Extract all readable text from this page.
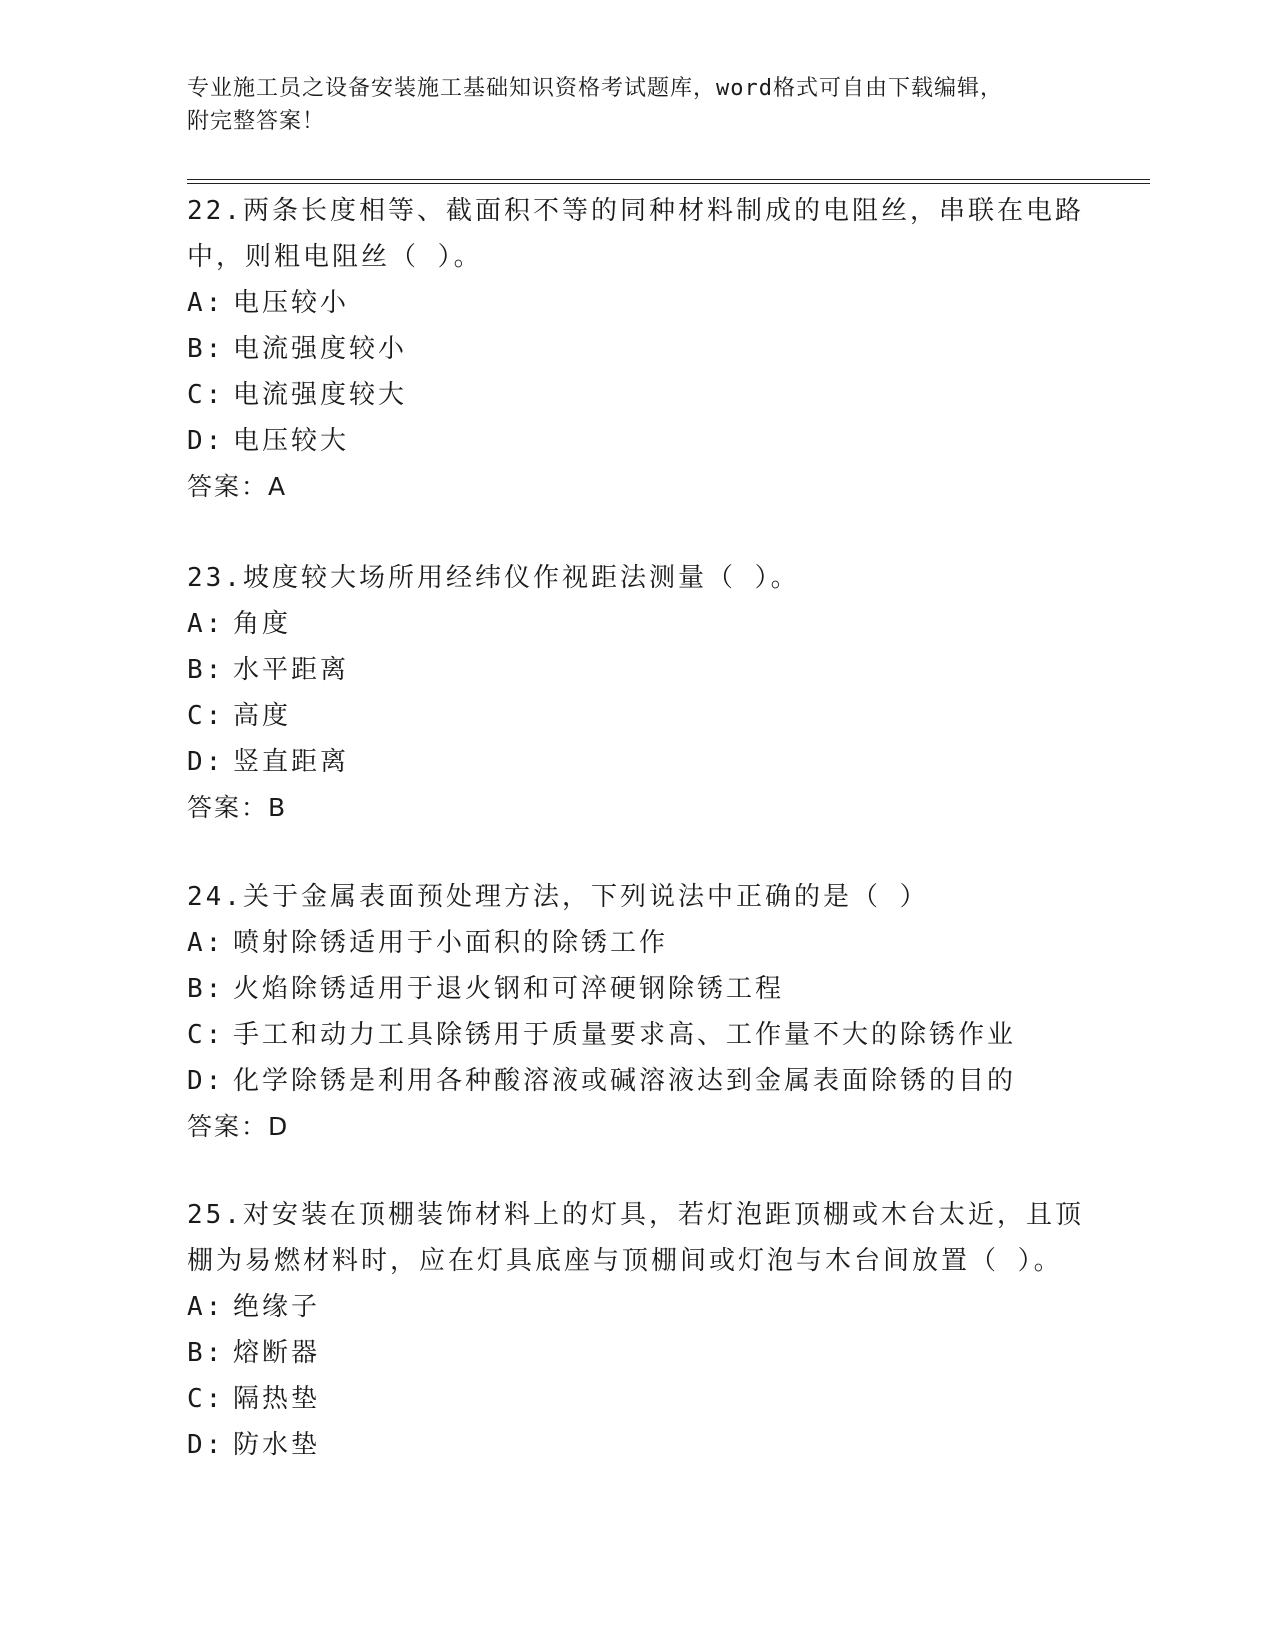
专业施工员之设备安装施工基础知识资格考试题库，word格式可自由下载编辑，
附完整答案！

22.两条长度相等、截面积不等的同种材料制成的电阻丝，串联在电路

中，则粗电阻丝（ ）。

A: 电压较小

B: 电流强度较小

C: 电流强度较大

D: 电压较大

答案：A

23.坡度较大场所用经纬仪作视距法测量（ ）。

A: 角度

B: 水平距离

C: 高度

D: 竖直距离

答案：B

24.关于金属表面预处理方法，下列说法中正确的是（ ）

A: 喷射除锈适用于小面积的除锈工作

B: 火焰除锈适用于退火钢和可淬硬钢除锈工程

C: 手工和动力工具除锈用于质量要求高、工作量不大的除锈作业

D: 化学除锈是利用各种酸溶液或碱溶液达到金属表面除锈的目的

答案：D

25.对安装在顶棚装饰材料上的灯具，若灯泡距顶棚或木台太近，且顶

棚为易燃材料时，应在灯具底座与顶棚间或灯泡与木台间放置（ ）。

A: 绝缘子

B: 熔断器

C: 隔热垫

D: 防水垫
